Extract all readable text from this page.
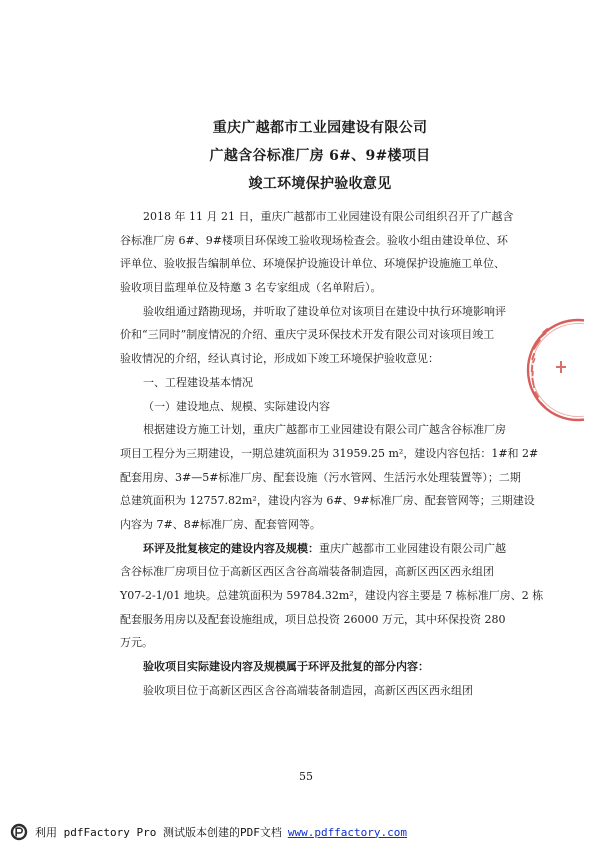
重庆广越都市工业园建设有限公司
广越含谷标准厂房 6#、9#楼项目
竣工环境保护验收意见
2018 年 11 月 21 日，重庆广越都市工业园建设有限公司组织召开了广越含
谷标准厂房 6#、9#楼项目环保竣工验收现场检查会。验收小组由建设单位、环
评单位、验收报告编制单位、环境保护设施设计单位、环境保护设施施工单位、
验收项目监理单位及特邀 3 名专家组成（名单附后）。
验收组通过踏勘现场，并听取了建设单位对该项目在建设中执行环境影响评
价和“三同时”制度情况的介绍、重庆宁灵环保技术开发有限公司对该项目竣工
验收情况的介绍，经认真讨论，形成如下竣工环境保护验收意见：
一、工程建设基本情况
（一）建设地点、规模、实际建设内容
根据建设方施工计划，重庆广越都市工业园建设有限公司广越含谷标准厂房
项目工程分为三期建设，一期总建筑面积为 31959.25 m²，建设内容包括：1#和 2#
配套用房、3#—5#标准厂房、配套设施（污水管网、生活污水处理装置等）；二期
总建筑面积为 12757.82m²，建设内容为 6#、9#标准厂房、配套管网等；三期建设
内容为 7#、8#标准厂房、配套管网等。
环评及批复核定的建设内容及规模：重庆广越都市工业园建设有限公司广越
含谷标准厂房项目位于高新区西区含谷高端装备制造园，高新区西区西永组团
Y07-2-1/01 地块。总建筑面积为 59784.32m²，建设内容主要是 7 栋标准厂房、2 栋
配套服务用房以及配套设施组成，项目总投资 26000 万元，其中环保投资 280
万元。
验收项目实际建设内容及规模属于环评及批复的部分内容：
验收项目位于高新区西区含谷高端装备制造园，高新区西区西永组团
55
利用 pdfFactory Pro 测试版本创建的PDF文档 www.pdffactory.com
